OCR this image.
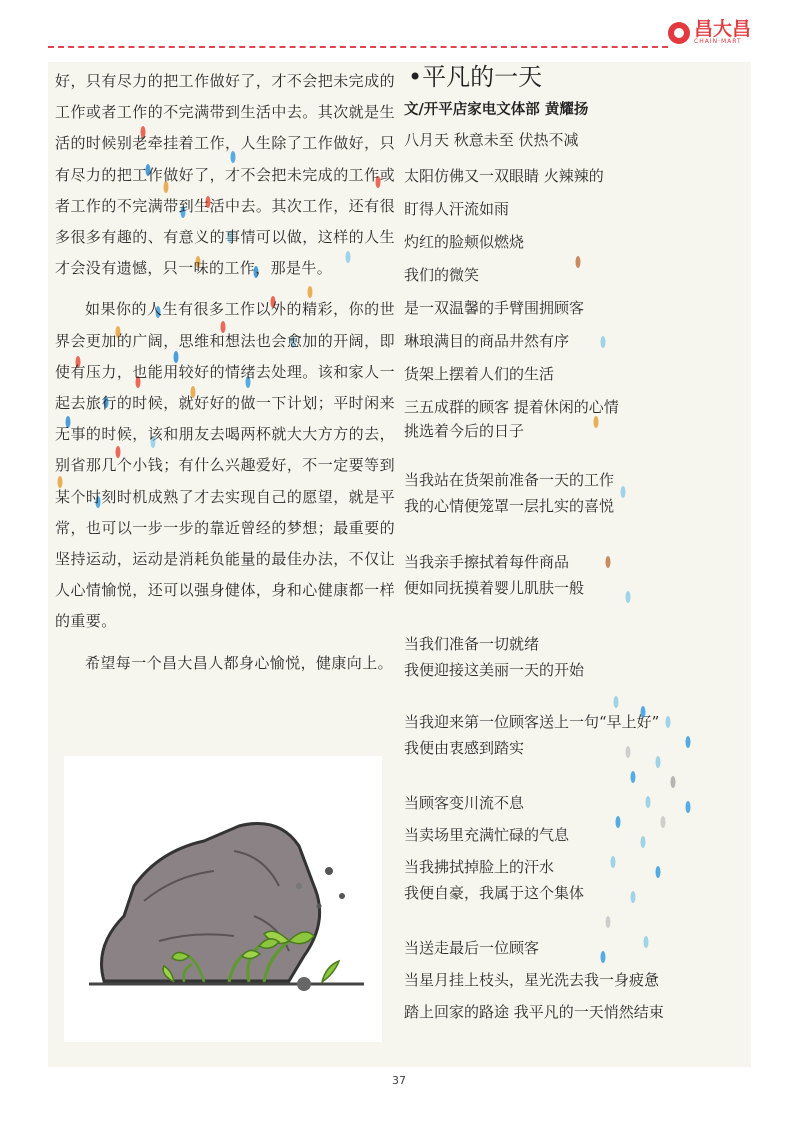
昌大昌
CHAIN·MART

好，只有尽力的把工作做好了，才不会把未完成的工作或者工作的不完满带到生活中去。其次就是生活的时候别老牵挂着工作，人生除了工作做好，只有尽力的把工作做好了，才不会把未完成的工作或者工作的不完满带到生活中去。其次工作，还有很多很多有趣的、有意义的事情可以做，这样的人生才会没有遗憾，只一味的工作，那是牛。

如果你的人生有很多工作以外的精彩，你的世界会更加的广阔，思维和想法也会愈加的开阔，即使有压力，也能用较好的情绪去处理。该和家人一起去旅行的时候，就好好的做一下计划；平时闲来无事的时候，该和朋友去喝两杯就大大方方的去，别省那几个小钱；有什么兴趣爱好，不一定要等到某个时刻时机成熟了才去实现自己的愿望，就是平常，也可以一步一步的靠近曾经的梦想；最重要的坚持运动，运动是消耗负能量的最佳办法，不仅让人心情愉悦，还可以强身健体，身和心健康都一样的重要。

希望每一个昌大昌人都身心愉悦，健康向上。

•平凡的一天
文/开平店家电文体部 黄耀扬
八月天 秋意未至 伏热不减
太阳仿佛又一双眼睛 火辣辣的
盯得人汗流如雨
灼红的脸颊似燃烧
我们的微笑
是一双温馨的手臂围拥顾客
琳琅满目的商品井然有序
货架上摆着人们的生活
三五成群的顾客 提着休闲的心情
挑选着今后的日子
当我站在货架前准备一天的工作
我的心情便笼罩一层扎实的喜悦
当我亲手擦拭着每件商品
便如同抚摸着婴儿肌肤一般
当我们准备一切就绪
我便迎接这美丽一天的开始
当我迎来第一位顾客送上一句“早上好”
我便由衷感到踏实
当顾客变川流不息
当卖场里充满忙碌的气息
当我拂拭掉脸上的汗水
我便自豪，我属于这个集体
当送走最后一位顾客
当星月挂上枝头，星光洗去我一身疲惫
踏上回家的路途 我平凡的一天悄然结束
37
